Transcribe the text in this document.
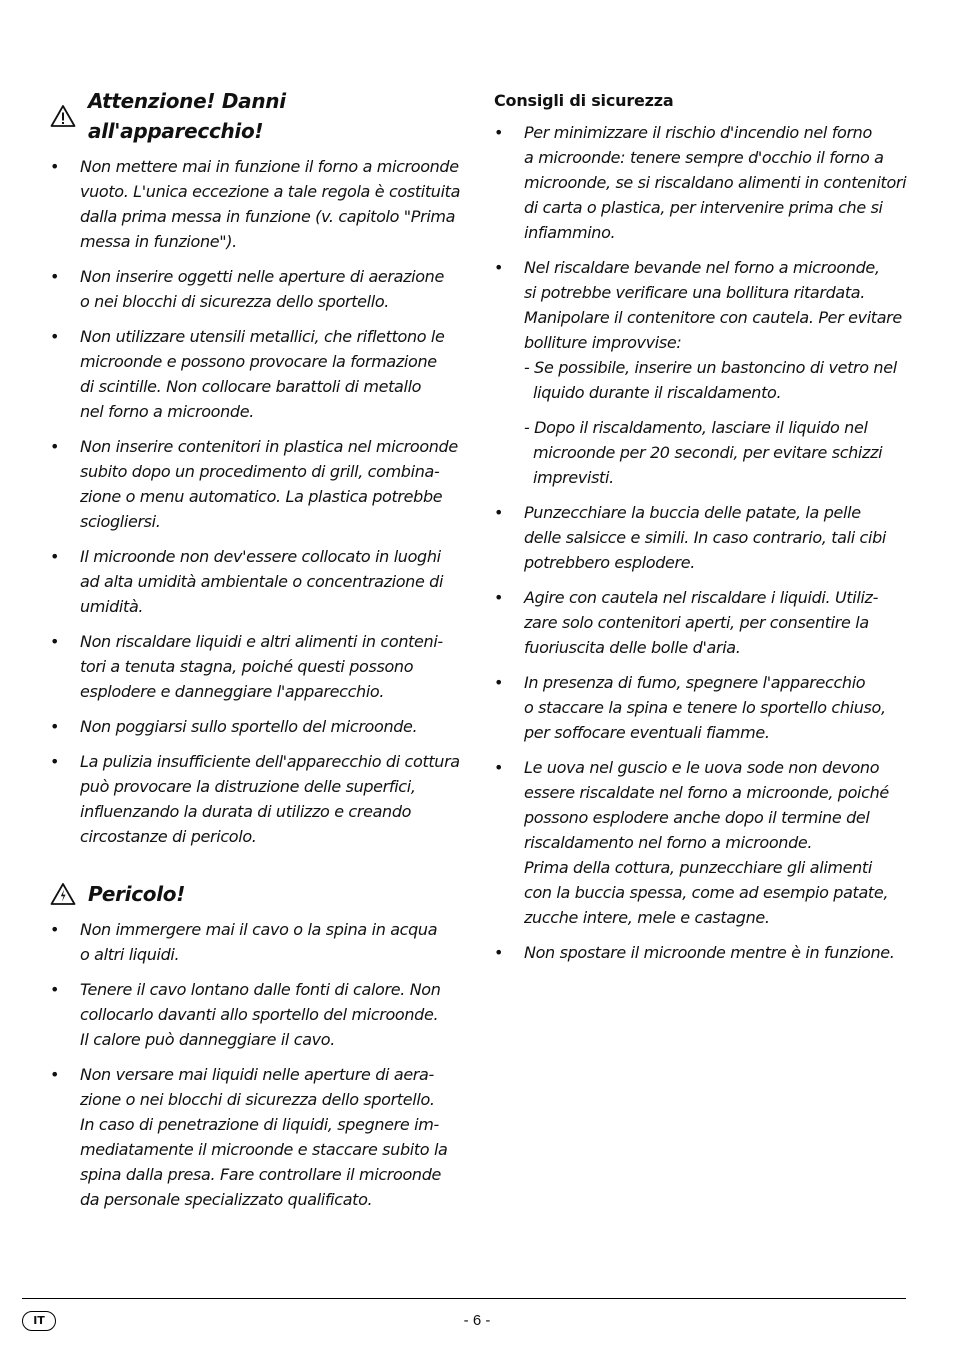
Attenzione! Danni all'apparecchio!
• Non mettere mai in funzione il forno a microonde
vuoto. L'unica eccezione a tale regola è costituita
dalla prima messa in funzione (v. capitolo "Prima
messa in funzione").
• Non inserire oggetti nelle aperture di aerazione
o nei blocchi di sicurezza dello sportello.
• Non utilizzare utensili metallici, che riflettono le
microonde e possono provocare la formazione
di scintille. Non collocare barattoli di metallo
nel forno a microonde.
• Non inserire contenitori in plastica nel microonde
subito dopo un procedimento di grill, combina-
zione o menu automatico. La plastica potrebbe
sciogliersi.
• Il microonde non dev'essere collocato in luoghi
ad alta umidità ambientale o concentrazione di
umidità.
• Non riscaldare liquidi e altri alimenti in conteni-
tori a tenuta stagna, poiché questi possono
esplodere e danneggiare l'apparecchio.
• Non poggiarsi sullo sportello del microonde.
• La pulizia insufficiente dell'apparecchio di cottura
può provocare la distruzione delle superfici,
influenzando la durata di utilizzo e creando
circostanze di pericolo.
Pericolo!
• Non immergere mai il cavo o la spina in acqua
o altri liquidi.
• Tenere il cavo lontano dalle fonti di calore. Non
collocarlo davanti allo sportello del microonde.
Il calore può danneggiare il cavo.
• Non versare mai liquidi nelle aperture di aera-
zione o nei blocchi di sicurezza dello sportello.
In caso di penetrazione di liquidi, spegnere im-
mediatamente il microonde e staccare subito la
spina dalla presa. Fare controllare il microonde
da personale specializzato qualificato.
Consigli di sicurezza
• Per minimizzare il rischio d'incendio nel forno
a microonde: tenere sempre d'occhio il forno a
microonde, se si riscaldano alimenti in contenitori
di carta o plastica, per intervenire prima che si
infiammino.
• Nel riscaldare bevande nel forno a microonde,
si potrebbe verificare una bollitura ritardata.
Manipolare il contenitore con cautela. Per evitare
bolliture improvvise:
- Se possibile, inserire un bastoncino di vetro nel
liquido durante il riscaldamento.
- Dopo il riscaldamento, lasciare il liquido nel
microonde per 20 secondi, per evitare schizzi
imprevisti.
• Punzecchiare la buccia delle patate, la pelle
delle salsicce e simili. In caso contrario, tali cibi
potrebbero esplodere.
• Agire con cautela nel riscaldare i liquidi. Utiliz-
zare solo contenitori aperti, per consentire la
fuoriuscita delle bolle d'aria.
• In presenza di fumo, spegnere l'apparecchio
o staccare la spina e tenere lo sportello chiuso,
per soffocare eventuali fiamme.
• Le uova nel guscio e le uova sode non devono
essere riscaldate nel forno a microonde, poiché
possono esplodere anche dopo il termine del
riscaldamento nel forno a microonde.
Prima della cottura, punzecchiare gli alimenti
con la buccia spessa, come ad esempio patate,
zucche intere, mele e castagne.
• Non spostare il microonde mentre è in funzione.
IT	- 6 -
